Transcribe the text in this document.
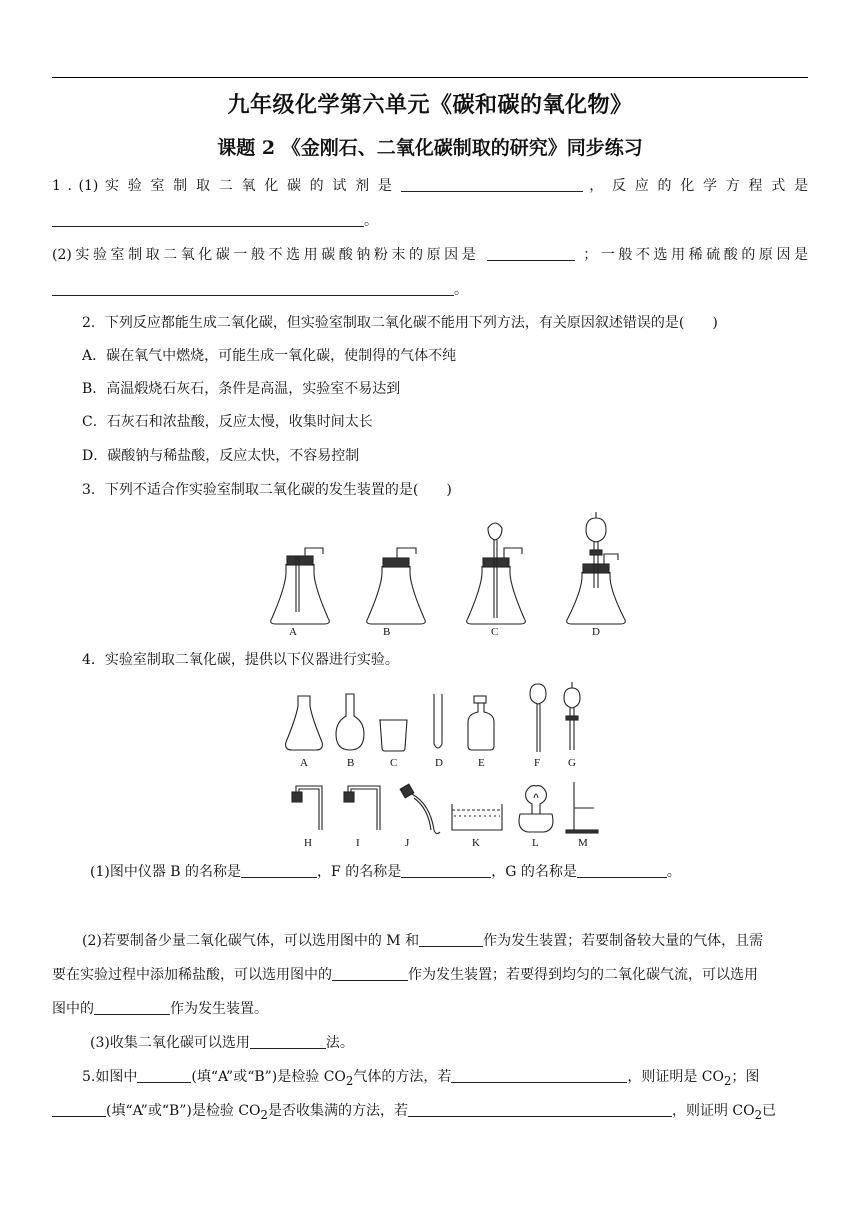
九年级化学第六单元《碳和碳的氧化物》
课题 2 《金刚石、二氧化碳制取的研究》同步练习
1 . (1) 实 验 室 制 取 二 氧 化 碳 的 试 剂 是	， 反 应 的 化 学 方 程 式 是
。
(2)实验室制取二氧化碳一般不选用碳酸钠粉末的原因是	；一般不选用稀硫酸的原因是
。
2．下列反应都能生成二氧化碳，但实验室制取二氧化碳不能用下列方法，有关原因叙述错误的是(　　)
A．碳在氧气中燃烧，可能生成一氧化碳，使制得的气体不纯
B．高温煅烧石灰石，条件是高温，实验室不易达到
C．石灰石和浓盐酸，反应太慢，收集时间太长
D．碳酸钠与稀盐酸，反应太快，不容易控制
3．下列不适合作实验室制取二氧化碳的发生装置的是(　　)
A	B	C	D
4．实验室制取二氧化碳，提供以下仪器进行实验。
A	B	C	D	E	F	G
H	I	J	K	L	M
(1)图中仪器 B 的名称是	，F 的名称是	，G 的名称是	。
(2)若要制备少量二氧化碳气体，可以选用图中的 M 和	作为发生装置；若要制备较大量的气体，且需
要在实验过程中添加稀盐酸，可以选用图中的	作为发生装置；若要得到均匀的二氧化碳气流，可以选用
图中的	作为发生装置。
(3)收集二氧化碳可以选用	法。
5.如图中	(填“A”或“B”)是检验 $CO_2$气体的方法，若	，则证明是 $CO_2$；图
(填“A”或“B”)是检验 $CO_2$是否收集满的方法，若	，则证明 $CO_2$已
